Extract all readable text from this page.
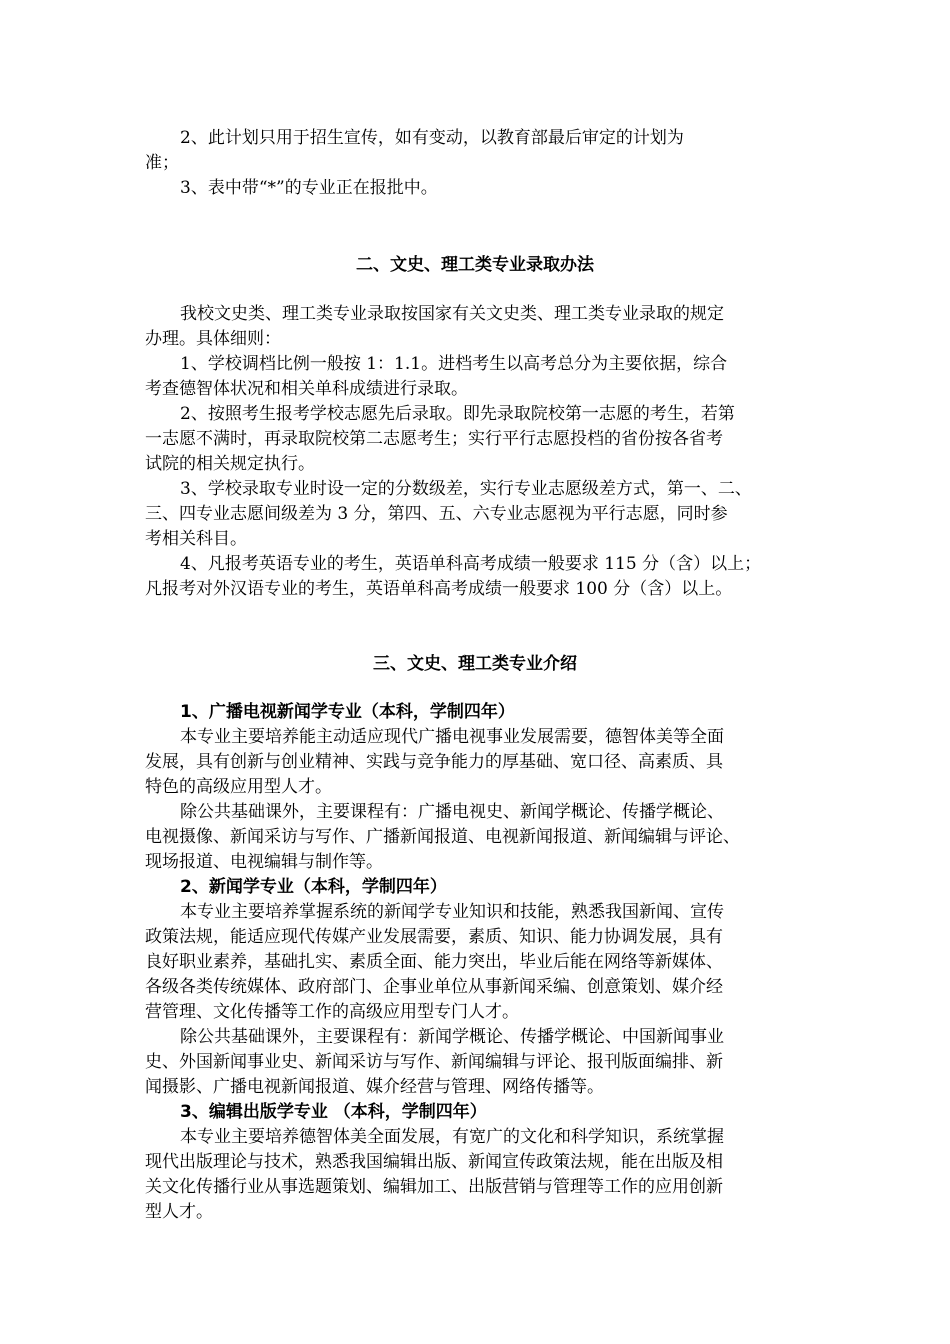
2、此计划只用于招生宣传，如有变动，以教育部最后审定的计划为
准；
3、表中带“*”的专业正在报批中。
二、文史、理工类专业录取办法
我校文史类、理工类专业录取按国家有关文史类、理工类专业录取的规定
办理。具体细则：
1、学校调档比例一般按 1：1.1。进档考生以高考总分为主要依据，综合
考查德智体状况和相关单科成绩进行录取。
2、按照考生报考学校志愿先后录取。即先录取院校第一志愿的考生，若第
一志愿不满时，再录取院校第二志愿考生；实行平行志愿投档的省份按各省考
试院的相关规定执行。
3、学校录取专业时设一定的分数级差，实行专业志愿级差方式，第一、二、
三、四专业志愿间级差为 3 分，第四、五、六专业志愿视为平行志愿，同时参
考相关科目。
4、凡报考英语专业的考生，英语单科高考成绩一般要求 115 分（含）以上；
凡报考对外汉语专业的考生，英语单科高考成绩一般要求 100 分（含）以上。
三、文史、理工类专业介绍
1、广播电视新闻学专业（本科，学制四年）
本专业主要培养能主动适应现代广播电视事业发展需要，德智体美等全面
发展，具有创新与创业精神、实践与竞争能力的厚基础、宽口径、高素质、具
特色的高级应用型人才。
除公共基础课外，主要课程有：广播电视史、新闻学概论、传播学概论、
电视摄像、新闻采访与写作、广播新闻报道、电视新闻报道、新闻编辑与评论、
现场报道、电视编辑与制作等。
2、新闻学专业（本科，学制四年）
本专业主要培养掌握系统的新闻学专业知识和技能，熟悉我国新闻、宣传
政策法规，能适应现代传媒产业发展需要，素质、知识、能力协调发展，具有
良好职业素养，基础扎实、素质全面、能力突出，毕业后能在网络等新媒体、
各级各类传统媒体、政府部门、企事业单位从事新闻采编、创意策划、媒介经
营管理、文化传播等工作的高级应用型专门人才。
除公共基础课外，主要课程有：新闻学概论、传播学概论、中国新闻事业
史、外国新闻事业史、新闻采访与写作、新闻编辑与评论、报刊版面编排、新
闻摄影、广播电视新闻报道、媒介经营与管理、网络传播等。
3、编辑出版学专业 （本科，学制四年）
本专业主要培养德智体美全面发展，有宽广的文化和科学知识，系统掌握
现代出版理论与技术，熟悉我国编辑出版、新闻宣传政策法规，能在出版及相
关文化传播行业从事选题策划、编辑加工、出版营销与管理等工作的应用创新
型人才。
